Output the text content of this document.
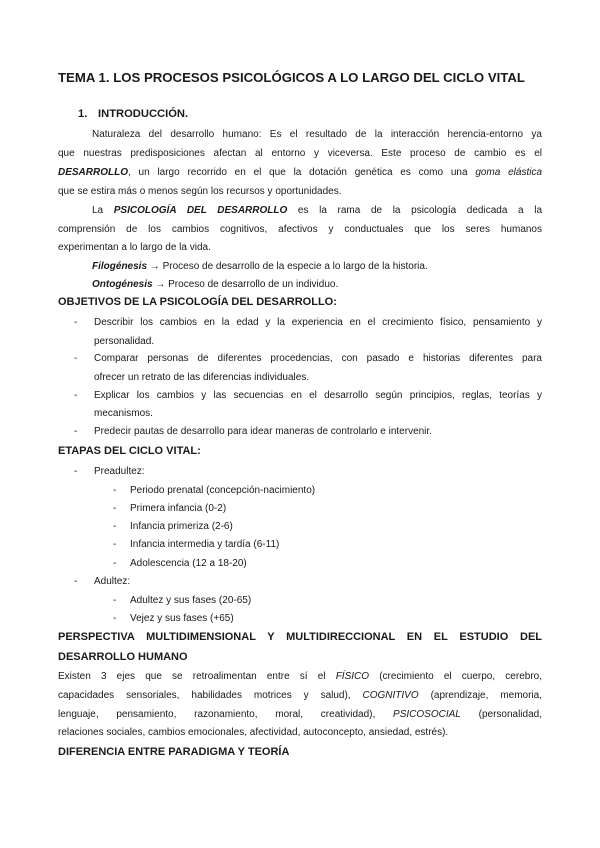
TEMA 1. LOS PROCESOS PSICOLÓGICOS A LO LARGO DEL CICLO VITAL
1. INTRODUCCIÓN.
Naturaleza del desarrollo humano: Es el resultado de la interacción herencia-entorno ya
que nuestras predisposiciones afectan al entorno y viceversa. Este proceso de cambio es el
DESARROLLO, un largo recorrido en el que la dotación genética es como una goma elástica
que se estira más o menos según los recursos y oportunidades.
La PSICOLOGÍA DEL DESARROLLO es la rama de la psicología dedicada a la
comprensión de los cambios cognitivos, afectivos y conductuales que los seres humanos
experimentan a lo largo de la vida.
Filogénesis → Proceso de desarrollo de la especie a lo largo de la historia.
Ontogénesis → Proceso de desarrollo de un individuo.
OBJETIVOS DE LA PSICOLOGÍA DEL DESARROLLO:
- Describir los cambios en la edad y la experiencia en el crecimiento físico, pensamiento y
personalidad.
- Comparar personas de diferentes procedencias, con pasado e historias diferentes para
ofrecer un retrato de las diferencias individuales.
- Explicar los cambios y las secuencias en el desarrollo según principios, reglas, teorías y
mecanismos.
- Predecir pautas de desarrollo para idear maneras de controlarlo e intervenir.
ETAPAS DEL CICLO VITAL:
- Preadultez:
- Periodo prenatal (concepción-nacimiento)
- Primera infancia (0-2)
- Infancia primeriza (2-6)
- Infancia intermedia y tardía (6-11)
- Adolescencia (12 a 18-20)
- Adultez:
- Adultez y sus fases (20-65)
- Vejez y sus fases (+65)
PERSPECTIVA MULTIDIMENSIONAL Y MULTIDIRECCIONAL EN EL ESTUDIO DEL
DESARROLLO HUMANO
Existen 3 ejes que se retroalimentan entre sí el FÍSICO (crecimiento el cuerpo, cerebro,
capacidades sensoriales, habilidades motrices y salud), COGNITIVO (aprendizaje, memoria,
lenguaje, pensamiento, razonamiento, moral, creatividad), PSICOSOCIAL (personalidad,
relaciones sociales, cambios emocionales, afectividad, autoconcepto, ansiedad, estrés).
DIFERENCIA ENTRE PARADIGMA Y TEORÍA
